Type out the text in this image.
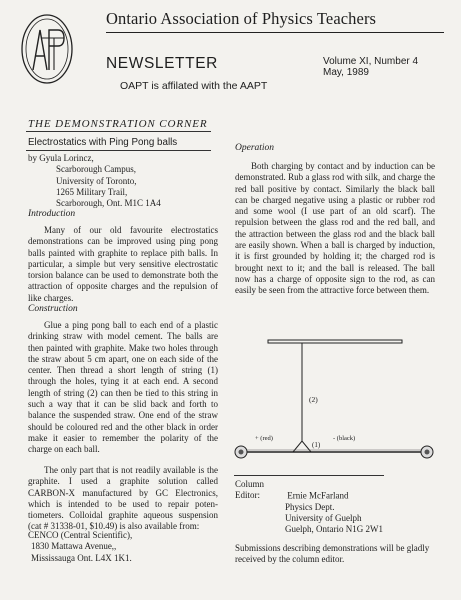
Ontario Association of Physics Teachers
NEWSLETTER
OAPT is affilated with the AAPT
Volume XI, Number 4
May, 1989
THE DEMONSTRATION CORNER
Electrostatics with Ping Pong balls
by Gyula Lorincz,
Scarborough Campus,
University of Toronto,
1265 Military Trail,
Scarborough, Ont. M1C 1A4
Introduction
Many of our old favourite electrostatics demonstrations can be improved using ping pong balls painted with graphite to replace pith balls. In particular, a simple but very sensitive electrostatic torsion balance can be used to demonstrate both the attraction of opposite charges and the repulsion of like charges.
Construction
Glue a ping pong ball to each end of a plastic drinking straw with model cement. The balls are then painted with graphite. Make two holes through the straw about 5 cm apart, one on each side of the center. Then thread a short length of string (1) through the holes, tying it at each end. A second length of string (2) can then be tied to this string in such a way that it can be slid back and forth to balance the suspended straw. One end of the straw should be coloured red and the other black in order make it easier to remember the polarity of the charge on each ball.
The only part that is not readily available is the graphite. I used a graphite solution called CARBON-X manufactured by GC Electronics, which is intended to be used to repair poten-tiometers. Colloidal graphite aqueous suspension (cat # 31338-01, $10.49) is also available from:
CENCO (Central Scientific),
1830 Mattawa Avenue,,
Mississauga Ont. L4X 1K1.
Operation
Both charging by contact and by induction can be demonstrated. Rub a glass rod with silk, and charge the red ball positive by contact. Similarly the black ball can be charged negative using a plastic or rubber rod and some wool (I use part of an old scarf). The repulsion between the glass rod and the red ball, and the attraction between the glass rod and the black ball are easily shown. When a ball is charged by induction, it is first grounded by holding it; the charged rod is brought next to it; and the ball is released. The ball now has a charge of opposite sign to the rod, as can easily be seen from the attractive force between them.
(2)
(1)
+ (red)	- (black)
Column Editor:	Ernie McFarland
Physics Dept.
University of Guelph
Guelph, Ontario N1G 2W1
Submissions describing demonstrations will be gladly received by the column editor.
